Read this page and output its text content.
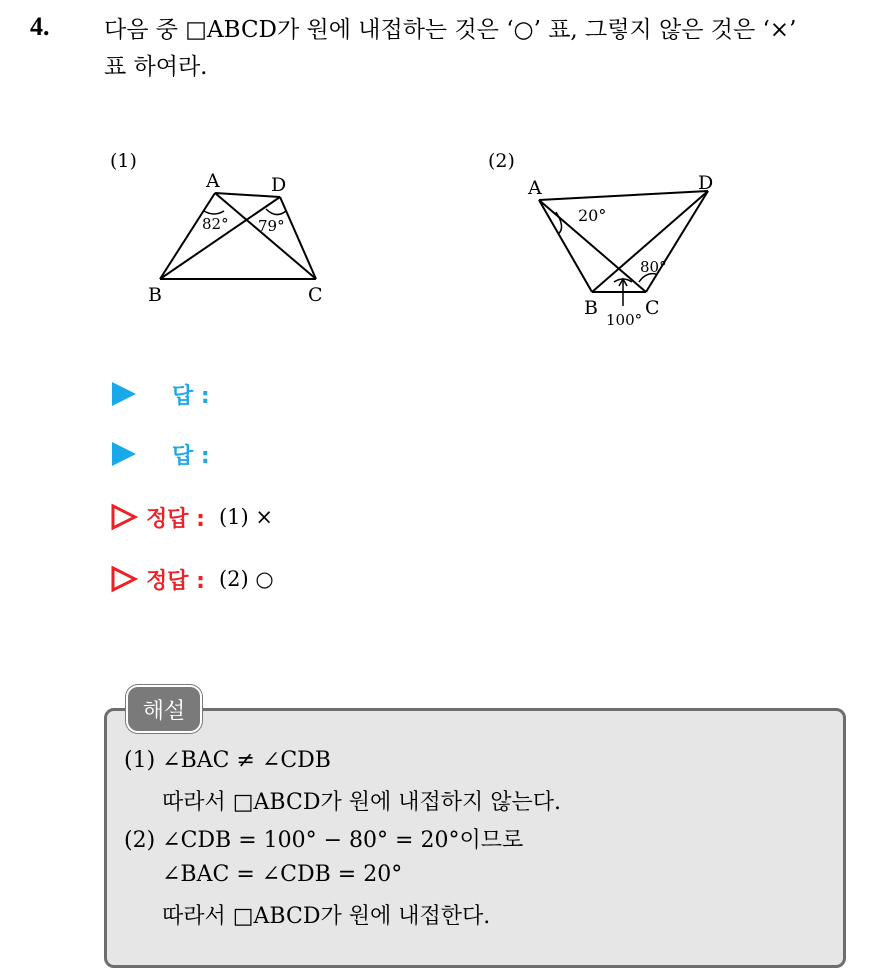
4. 다음 중 □ABCD가 원에 내접하는 것은 ‘○’ 표, 그렇지 않은 것은 ‘×’
표 하여라.
(1)
A	D
B	C
82° 79°
(2)
A	D
B C
20°
80°
100°
답 :
답 :
정답 : (1) ×
정답 : (2) ○
해설
(1) ∠BAC ≠ ∠CDB
따라서 □ABCD가 원에 내접하지 않는다.
(2) ∠CDB = 100° − 80° = 20°이므로
∠BAC = ∠CDB = 20°
따라서 □ABCD가 원에 내접한다.
